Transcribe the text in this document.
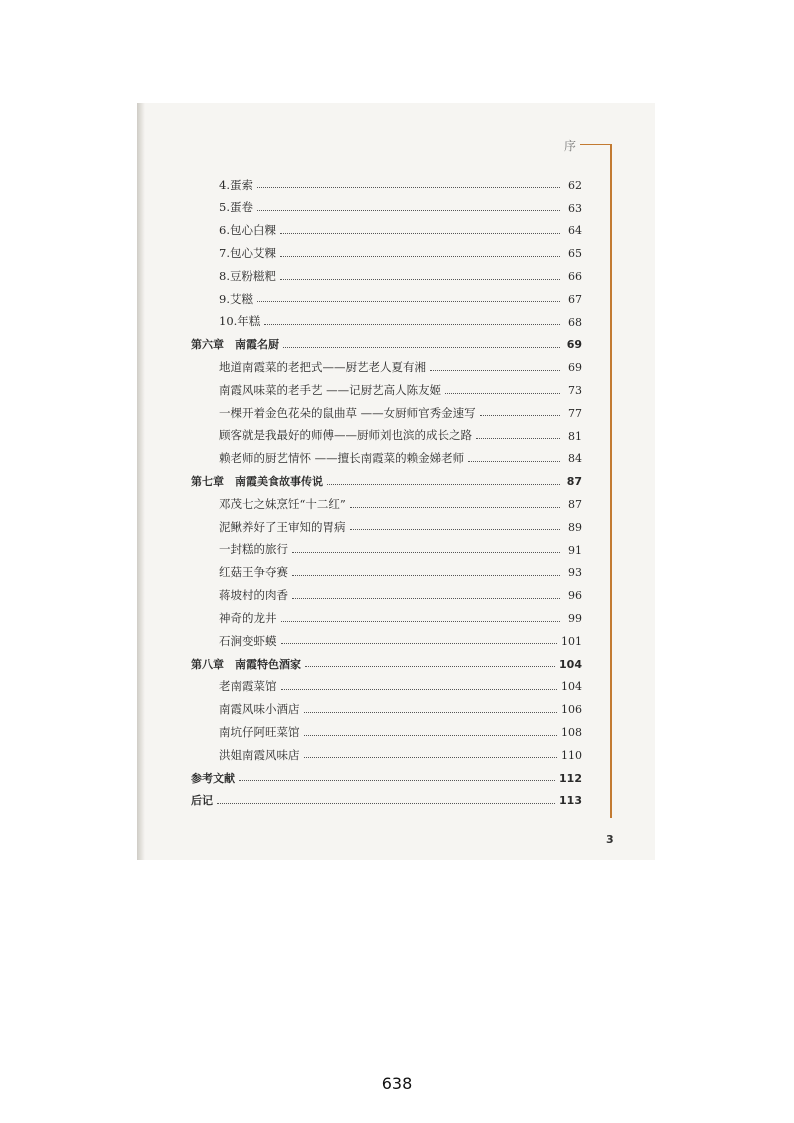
序
4.蛋索	62
5.蛋卷	63
6.包心白粿	64
7.包心艾粿	65
8.豆粉糍粑	66
9.艾糍	67
10.年糕	68
第六章　南霞名厨	69
地道南霞菜的老把式——厨艺老人夏有湘	69
南霞风味菜的老手艺 ——记厨艺高人陈友姬	73
一棵开着金色花朵的鼠曲草 ——女厨师官秀金速写	77
顾客就是我最好的师傅——厨师刘也滨的成长之路	81
赖老师的厨艺情怀 ——擅长南霞菜的赖金娣老师	84
第七章　南霞美食故事传说	87
邓茂七之妹烹饪“十二红”	87
泥鳅养好了王审知的胃病	89
一封糕的旅行	91
红菇王争夺赛	93
蒋坡村的肉香	96
神奇的龙井	99
石涧变虾蟆	101
第八章　南霞特色酒家	104
老南霞菜馆	104
南霞风味小酒店	106
南坑仔阿旺菜馆	108
洪姐南霞风味店	110
参考文献	112
后记	113
3
638
